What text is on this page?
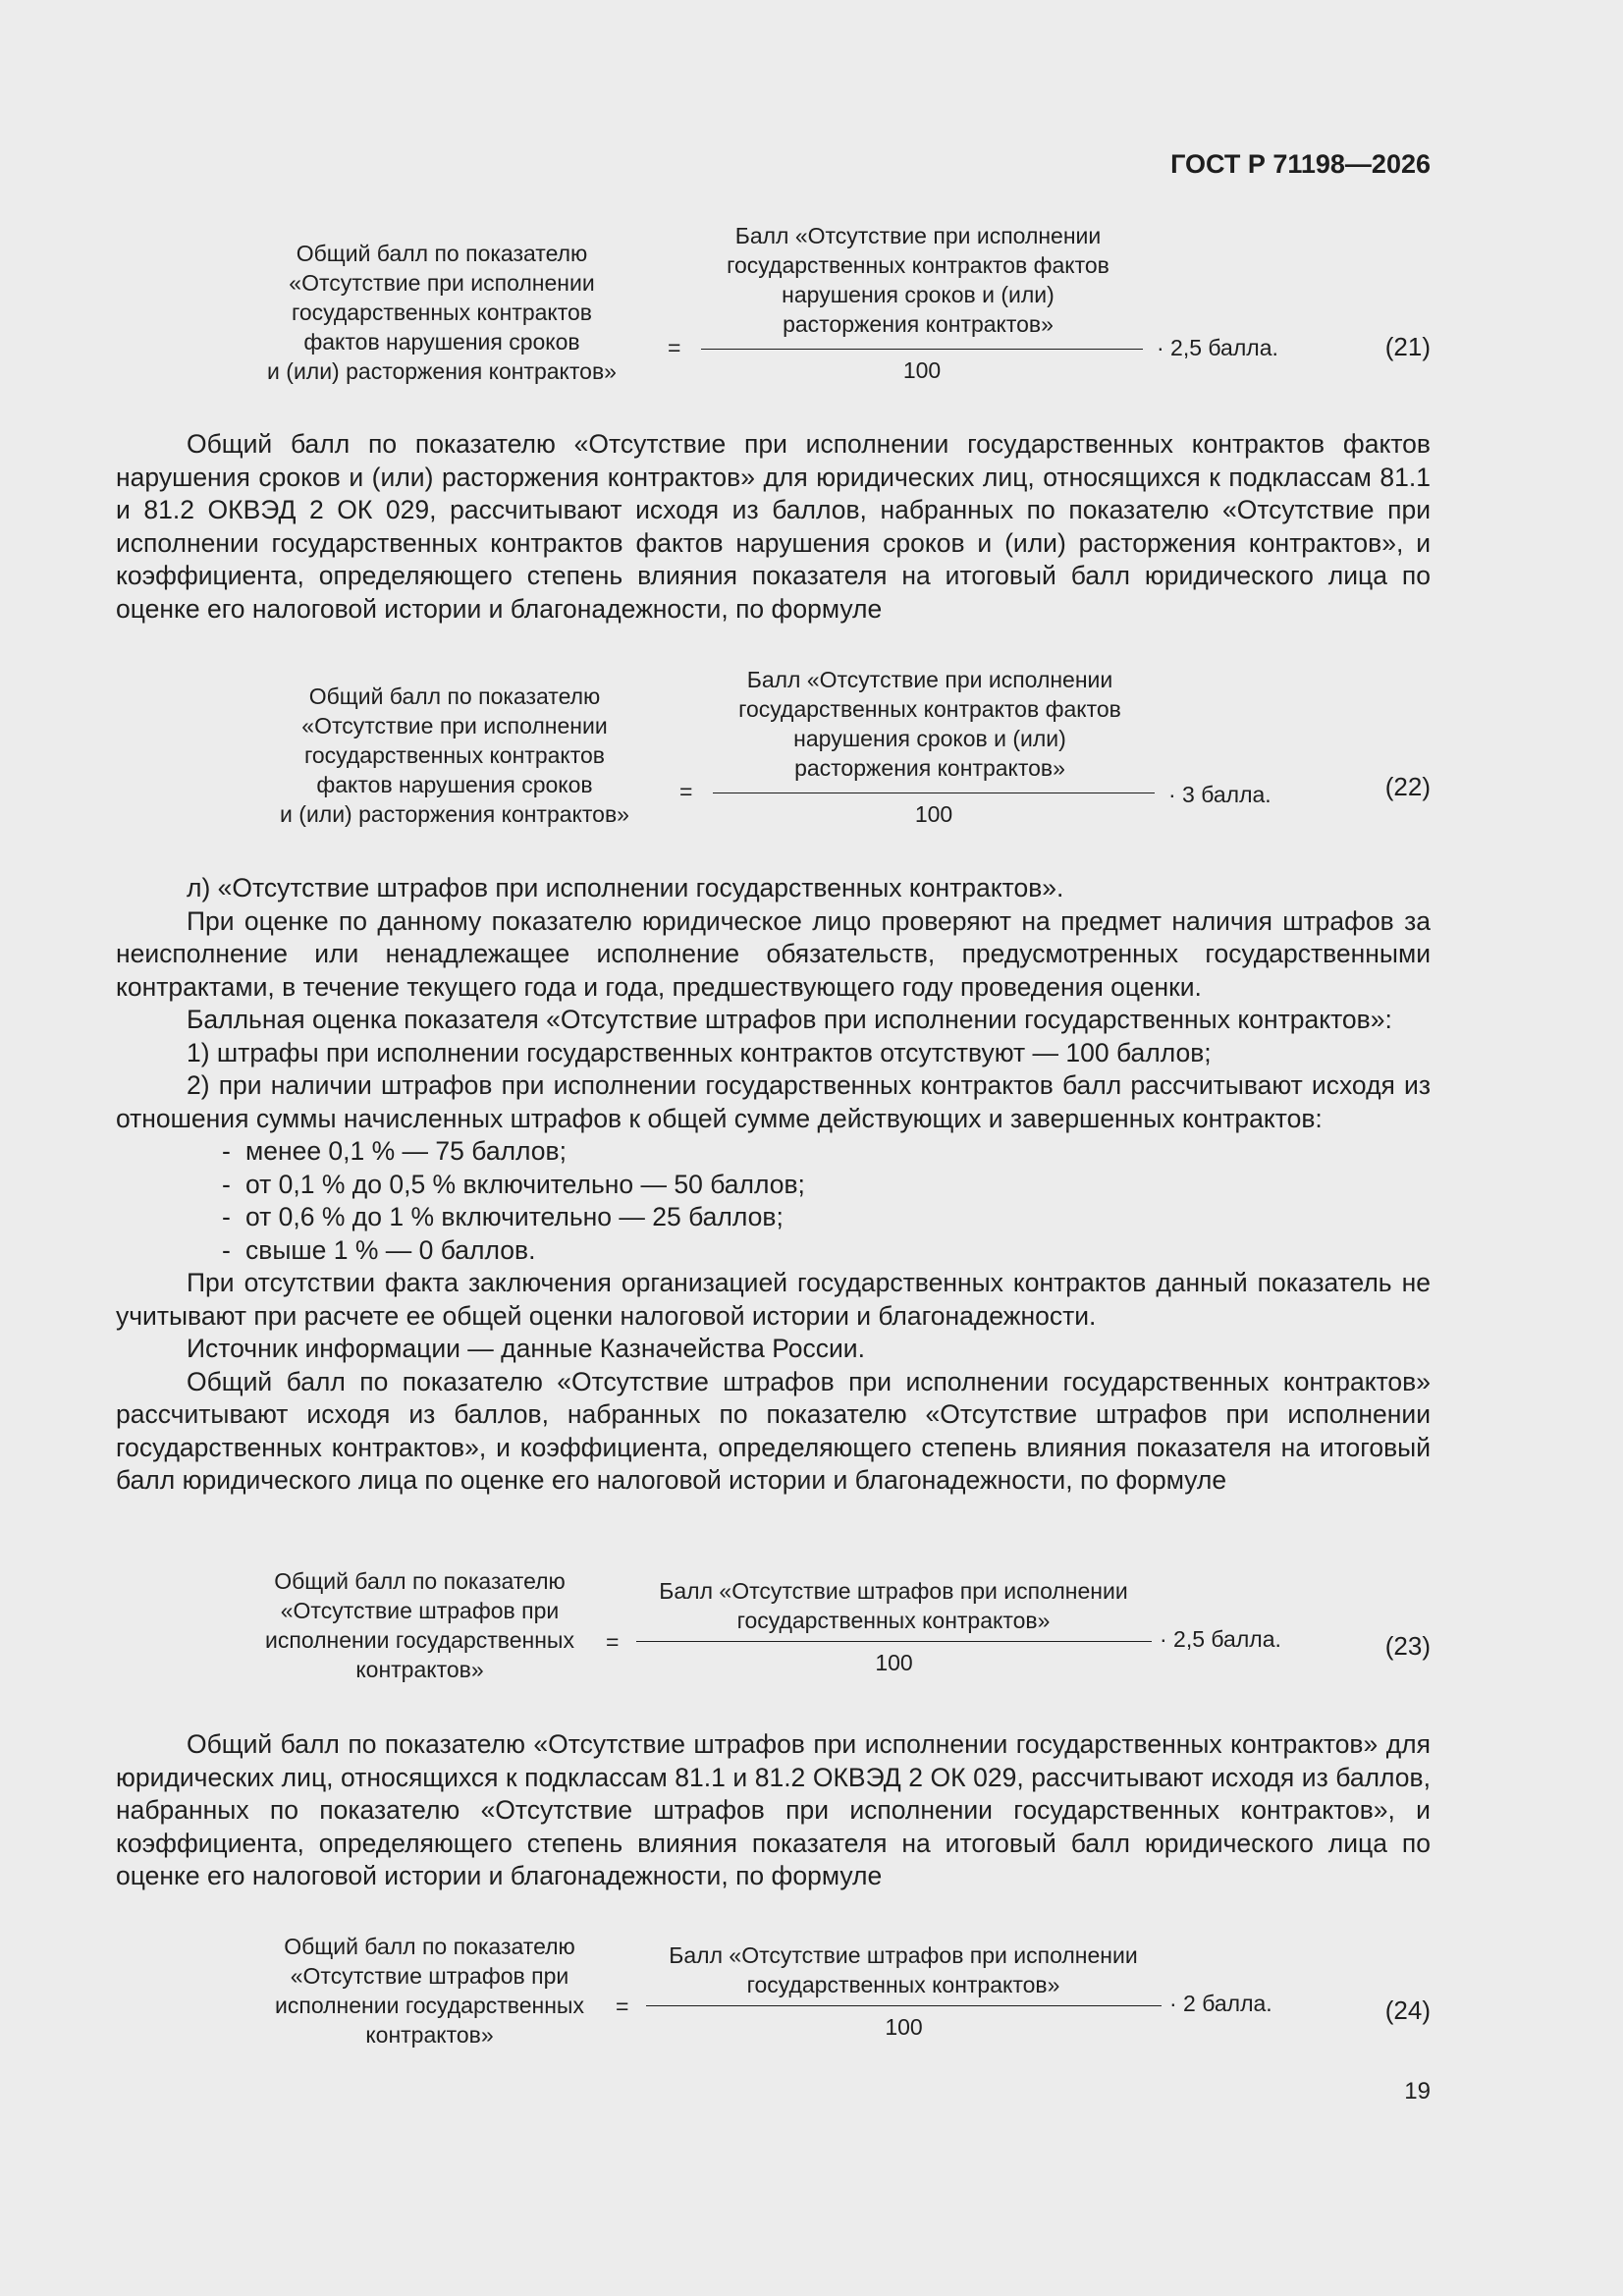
ГОСТ Р 71198—2026
Общий балл по показателю
«Отсутствие при исполнении
государственных контрактов
фактов нарушения сроков
и (или) расторжения контрактов»
=
Балл «Отсутствие при исполнении
государственных контрактов фактов
нарушения сроков и (или)
расторжения контрактов»
100
· 2,5 балла.	(21)

Общий балл по показателю «Отсутствие при исполнении государственных контрактов фактов нарушения сроков и (или) расторжения контрактов» для юридических лиц, относящихся к подклассам 81.1 и 81.2 ОКВЭД 2 ОК 029, рассчитывают исходя из баллов, набранных по показателю «Отсутствие при исполнении государственных контрактов фактов нарушения сроков и (или) расторжения контрактов», и коэффициента, определяющего степень влияния показателя на итоговый балл юридического лица по оценке его налоговой истории и благонадежности, по формуле

Общий балл по показателю
«Отсутствие при исполнении
государственных контрактов
фактов нарушения сроков
и (или) расторжения контрактов»
=
Балл «Отсутствие при исполнении
государственных контрактов фактов
нарушения сроков и (или)
расторжения контрактов»
100
· 3 балла.	(22)

л) «Отсутствие штрафов при исполнении государственных контрактов».

При оценке по данному показателю юридическое лицо проверяют на предмет наличия штрафов за неисполнение или ненадлежащее исполнение обязательств, предусмотренных государственными контрактами, в течение текущего года и года, предшествующего году проведения оценки.

Балльная оценка показателя «Отсутствие штрафов при исполнении государственных контрактов»:

1) штрафы при исполнении государственных контрактов отсутствуют — 100 баллов;

2) при наличии штрафов при исполнении государственных контрактов балл рассчитывают исходя из отношения суммы начисленных штрафов к общей сумме действующих и завершенных контрактов:

- менее 0,1 % — 75 баллов;

- от 0,1 % до 0,5 % включительно — 50 баллов;

- от 0,6 % до 1 % включительно — 25 баллов;

- свыше 1 % — 0 баллов.

При отсутствии факта заключения организацией государственных контрактов данный показатель не учитывают при расчете ее общей оценки налоговой истории и благонадежности.

Источник информации — данные Казначейства России.

Общий балл по показателю «Отсутствие штрафов при исполнении государственных контрактов» рассчитывают исходя из баллов, набранных по показателю «Отсутствие штрафов при исполнении государственных контрактов», и коэффициента, определяющего степень влияния показателя на итоговый балл юридического лица по оценке его налоговой истории и благонадежности, по формуле

Общий балл по показателю
«Отсутствие штрафов при
исполнении государственных
контрактов»
=
Балл «Отсутствие штрафов при исполнении
государственных контрактов»
100
· 2,5 балла.	(23)

Общий балл по показателю «Отсутствие штрафов при исполнении государственных контрактов» для юридических лиц, относящихся к подклассам 81.1 и 81.2 ОКВЭД 2 ОК 029, рассчитывают исходя из баллов, набранных по показателю «Отсутствие штрафов при исполнении государственных контрактов», и коэффициента, определяющего степень влияния показателя на итоговый балл юридического лица по оценке его налоговой истории и благонадежности, по формуле

Общий балл по показателю
«Отсутствие штрафов при
исполнении государственных
контрактов»
=
Балл «Отсутствие штрафов при исполнении
государственных контрактов»
100
· 2 балла.	(24)
19
